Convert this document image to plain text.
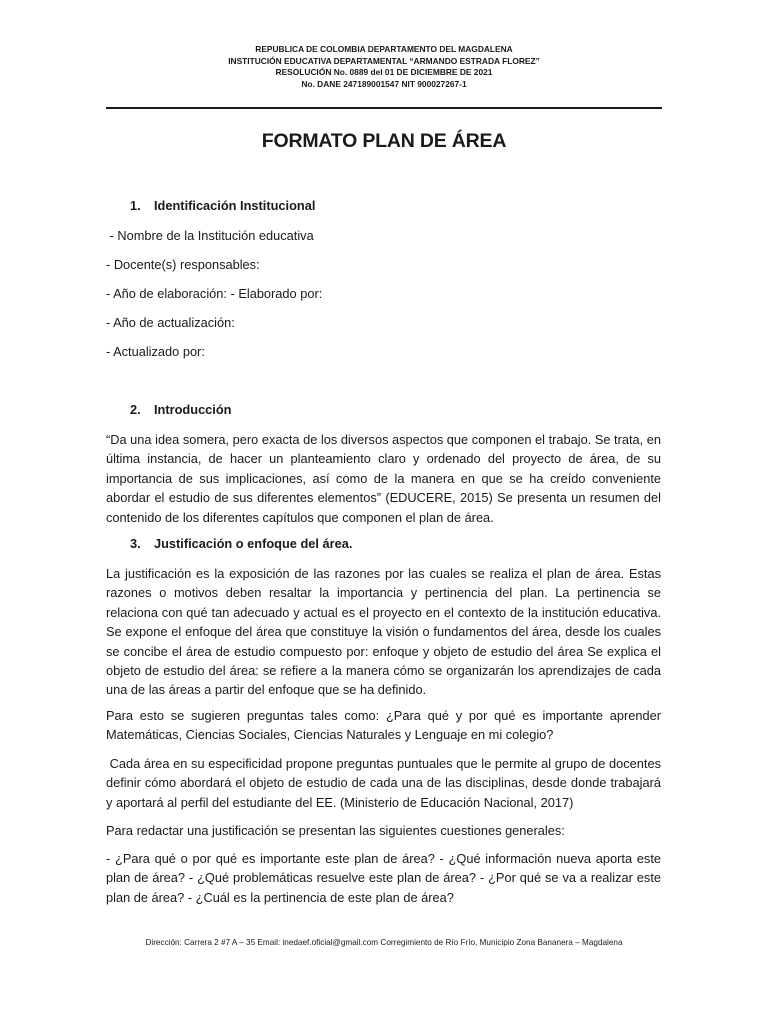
REPUBLICA DE COLOMBIA DEPARTAMENTO DEL MAGDALENA
INSTITUCIÓN EDUCATIVA DEPARTAMENTAL “ARMANDO ESTRADA FLOREZ”
RESOLUCIÓN No. 0889 del 01 DE DICIEMBRE DE 2021
No. DANE 247189001547 NIT 900027267-1
FORMATO PLAN DE ÁREA
1. Identificación Institucional
- Nombre de la Institución educativa
- Docente(s) responsables:
- Año de elaboración: - Elaborado por:
- Año de actualización:
- Actualizado por:
2. Introducción
“Da una idea somera, pero exacta de los diversos aspectos que componen el trabajo. Se trata, en última instancia, de hacer un planteamiento claro y ordenado del proyecto de área, de su importancia de sus implicaciones, así como de la manera en que se ha creído conveniente abordar el estudio de sus diferentes elementos” (EDUCERE, 2015) Se presenta un resumen del contenido de los diferentes capítulos que componen el plan de área.
3. Justificación o enfoque del área.
La justificación es la exposición de las razones por las cuales se realiza el plan de área. Estas razones o motivos deben resaltar la importancia y pertinencia del plan. La pertinencia se relaciona con qué tan adecuado y actual es el proyecto en el contexto de la institución educativa. Se expone el enfoque del área que constituye la visión o fundamentos del área, desde los cuales se concibe el área de estudio compuesto por: enfoque y objeto de estudio del área Se explica el objeto de estudio del área: se refiere a la manera cómo se organizarán los aprendizajes de cada una de las áreas a partir del enfoque que se ha definido.
Para esto se sugieren preguntas tales como: ¿Para qué y por qué es importante aprender Matemáticas, Ciencias Sociales, Ciencias Naturales y Lenguaje en mi colegio?
Cada área en su especificidad propone preguntas puntuales que le permite al grupo de docentes definir cómo abordará el objeto de estudio de cada una de las disciplinas, desde donde trabajará y aportará al perfil del estudiante del EE. (Ministerio de Educación Nacional, 2017)
Para redactar una justificación se presentan las siguientes cuestiones generales:
- ¿Para qué o por qué es importante este plan de área? - ¿Qué información nueva aporta este plan de área? - ¿Qué problemáticas resuelve este plan de área? - ¿Por qué se va a realizar este plan de área? - ¿Cuál es la pertinencia de este plan de área?
Dirección: Carrera 2 #7 A – 35 Email: inedaef.oficial@gmail.com Corregimiento de Río Frío, Municipio Zona Bananera – Magdalena
